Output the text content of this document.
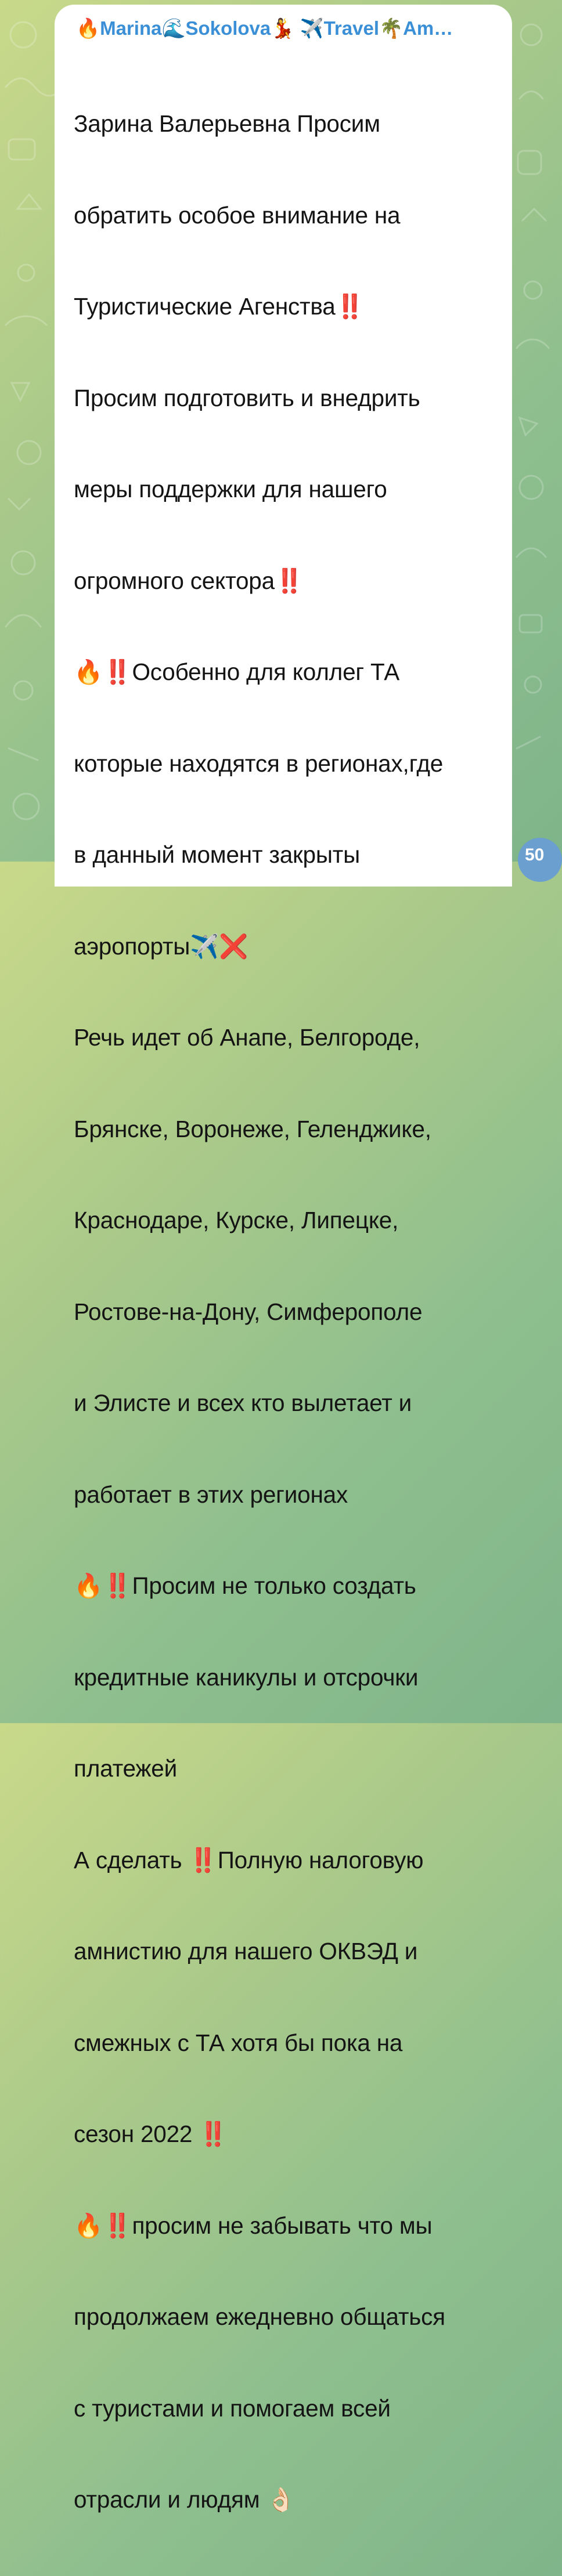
🔥Marina🌊Sokolova💃 ✈️Travel🌴Am…

Зарина Валерьевна Просим

обратить особое внимание на

Туристические Агенства‼️

Просим подготовить и внедрить

меры поддержки для нашего

огромного сектора‼️

🔥‼️Особенно для коллег ТА

которые находятся в регионах,где

в данный момент закрыты

аэропорты✈️❌

Речь идет об Анапе, Белгороде,

Брянске, Воронеже, Геленджике,

Краснодаре, Курске, Липецке,

Ростове-на-Дону, Симферополе

и Элисте и всех кто вылетает и

работает в этих регионах

🔥‼️Просим не только создать

кредитные каникулы и отсрочки

платежей

А сделать ‼️Полную налоговую

амнистию для нашего ОКВЭД и

смежных с ТА хотя бы пока на

сезон 2022 ‼️

🔥‼️просим не забывать что мы

продолжаем ежедневно общаться

с туристами и помогаем всей

отрасли и людям 👌🏻

50
